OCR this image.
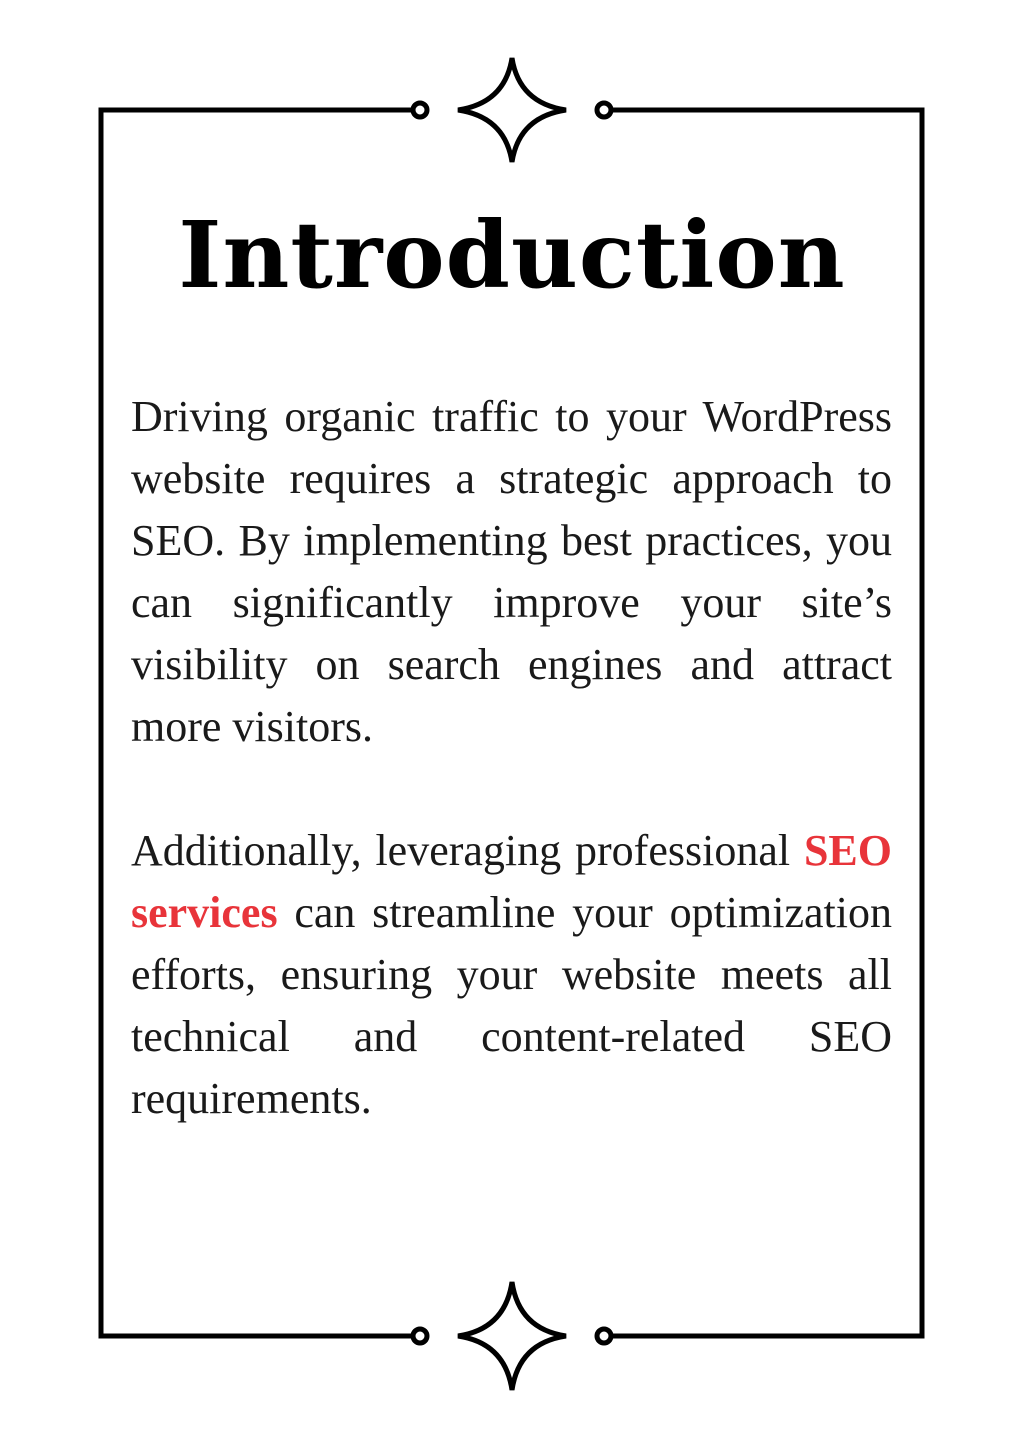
Introduction

Driving organic traffic to your WordPress website requires a strategic approach to SEO. By implementing best practices, you can significantly improve your site’s visibility on search engines and attract more visitors.

Additionally, leveraging professional SEO services can streamline your optimization efforts, ensuring your website meets all technical and content-related SEO requirements.
